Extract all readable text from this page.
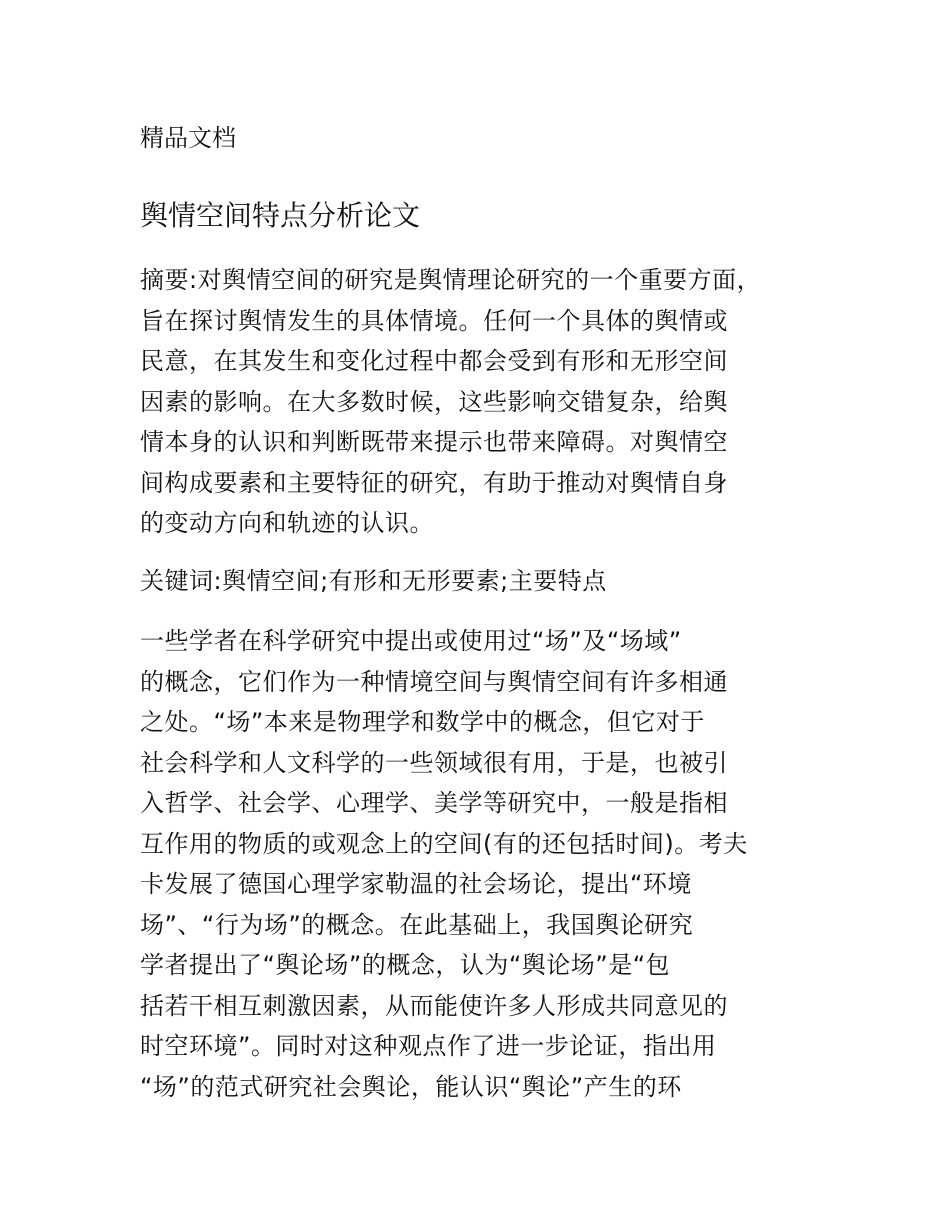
精品文档
舆情空间特点分析论文
摘要:对舆情空间的研究是舆情理论研究的一个重要方面，
旨在探讨舆情发生的具体情境。任何一个具体的舆情或
民意，在其发生和变化过程中都会受到有形和无形空间
因素的影响。在大多数时候，这些影响交错复杂，给舆
情本身的认识和判断既带来提示也带来障碍。对舆情空
间构成要素和主要特征的研究，有助于推动对舆情自身
的变动方向和轨迹的认识。
关键词:舆情空间;有形和无形要素;主要特点
一些学者在科学研究中提出或使用过“场”及“场域”
的概念，它们作为一种情境空间与舆情空间有许多相通
之处。“场”本来是物理学和数学中的概念，但它对于
社会科学和人文科学的一些领域很有用，于是，也被引
入哲学、社会学、心理学、美学等研究中，一般是指相
互作用的物质的或观念上的空间(有的还包括时间)。考夫
卡发展了德国心理学家勒温的社会场论，提出“环境
场”、“行为场”的概念。在此基础上，我国舆论研究
学者提出了“舆论场”的概念，认为“舆论场”是“包
括若干相互刺激因素，从而能使许多人形成共同意见的
时空环境”。同时对这种观点作了进一步论证，指出用
“场”的范式研究社会舆论，能认识“舆论”产生的环
